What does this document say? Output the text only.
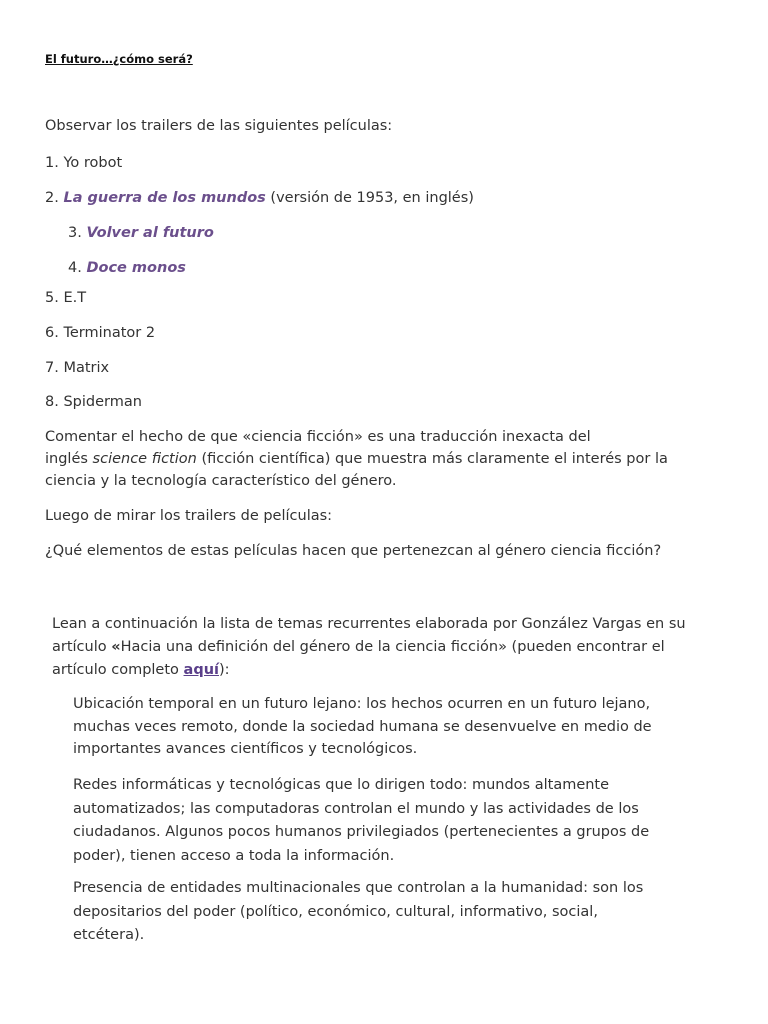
El futuro…¿cómo será?
Observar los trailers de las siguientes películas:
1. Yo robot
2. La guerra de los mundos (versión de 1953, en inglés)
3. Volver al futuro
4. Doce monos
5. E.T
6. Terminator 2
7. Matrix
8. Spiderman
Comentar el hecho de que «ciencia ficción» es una traducción inexacta del
inglés science fiction (ficción científica) que muestra más claramente el interés por la
ciencia y la tecnología característico del género.
Luego de mirar los trailers de películas:
¿Qué elementos de estas películas hacen que pertenezcan al género ciencia ficción?
Lean a continuación la lista de temas recurrentes elaborada por González Vargas en su
artículo «Hacia una definición del género de la ciencia ficción» (pueden encontrar el
artículo completo aquí):
Ubicación temporal en un futuro lejano: los hechos ocurren en un futuro lejano,
muchas veces remoto, donde la sociedad humana se desenvuelve en medio de
importantes avances científicos y tecnológicos.
Redes informáticas y tecnológicas que lo dirigen todo: mundos altamente
automatizados; las computadoras controlan el mundo y las actividades de los
ciudadanos. Algunos pocos humanos privilegiados (pertenecientes a grupos de
poder), tienen acceso a toda la información.
Presencia de entidades multinacionales que controlan a la humanidad: son los
depositarios del poder (político, económico, cultural, informativo, social,
etcétera).
